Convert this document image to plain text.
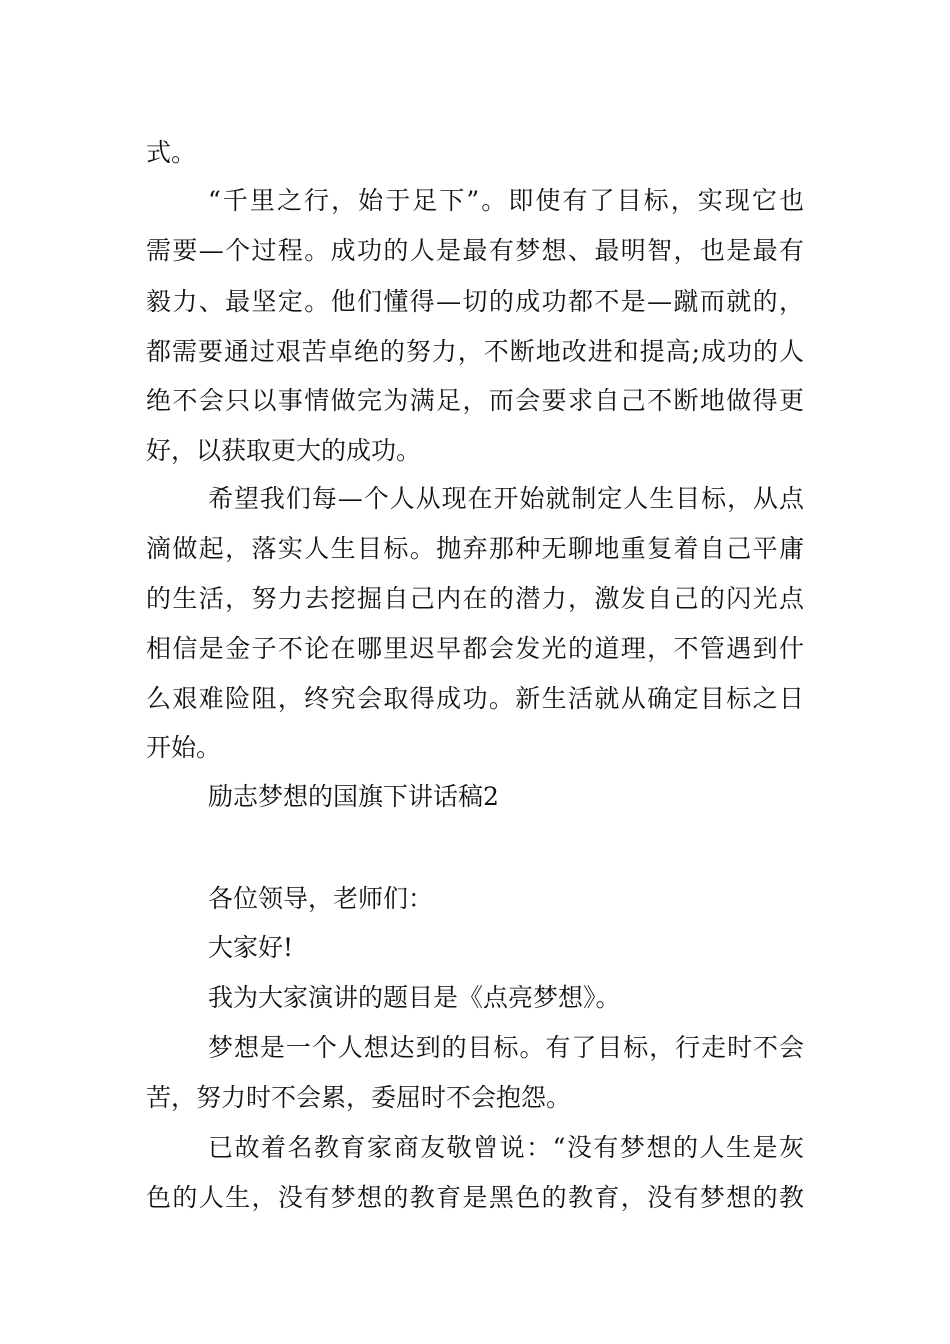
式。
“千里之行，始于足下”。即使有了目标，实现它也
需要—个过程。成功的人是最有梦想、最明智，也是最有
毅力、最坚定。他们懂得—切的成功都不是—蹴而就的，
都需要通过艰苦卓绝的努力，不断地改进和提高;成功的人
绝不会只以事情做完为满足，而会要求自己不断地做得更
好，以获取更大的成功。
希望我们每—个人从现在开始就制定人生目标，从点
滴做起，落实人生目标。抛弃那种无聊地重复着自己平庸
的生活，努力去挖掘自己内在的潜力，激发自己的闪光点
相信是金子不论在哪里迟早都会发光的道理，不管遇到什
么艰难险阻，终究会取得成功。新生活就从确定目标之日
开始。
励志梦想的国旗下讲话稿2
各位领导，老师们：
大家好!
我为大家演讲的题目是《点亮梦想》。
梦想是一个人想达到的目标。有了目标，行走时不会
苦，努力时不会累，委屈时不会抱怨。
已故着名教育家商友敬曾说：“没有梦想的人生是灰
色的人生，没有梦想的教育是黑色的教育，没有梦想的教
